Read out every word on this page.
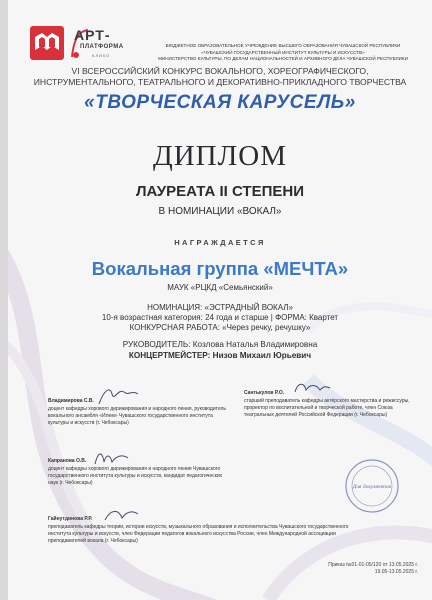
АРТ-
ПЛАТФОРМА
КЛИКО
БЮДЖЕТНОЕ ОБРАЗОВАТЕЛЬНОЕ УЧРЕЖДЕНИЕ ВЫСШЕГО ОБРАЗОВАНИЯ ЧУВАШСКОЙ РЕСПУБЛИКИ
«ЧУВАШСКИЙ ГОСУДАРСТВЕННЫЙ ИНСТИТУТ КУЛЬТУРЫ И ИСКУССТВ»
МИНИСТЕРСТВО КУЛЬТУРЫ, ПО ДЕЛАМ НАЦИОНАЛЬНОСТЕЙ И АРХИВНОГО ДЕЛА ЧУВАШСКОЙ РЕСПУБЛИКИ
VI ВСЕРОССИЙСКИЙ КОНКУРС ВОКАЛЬНОГО, ХОРЕОГРАФИЧЕСКОГО,
ИНСТРУМЕНТАЛЬНОГО, ТЕАТРАЛЬНОГО И ДЕКОРАТИВНО-ПРИКЛАДНОГО ТВОРЧЕСТВА
«ТВОРЧЕСКАЯ КАРУСЕЛЬ»
ДИПЛОМ
ЛАУРЕАТА II СТЕПЕНИ
В НОМИНАЦИИ «ВОКАЛ»
НАГРАЖДАЕТСЯ
Вокальная группа «МЕЧТА»
МАУК «РЦКД «Семьянский»
НОМИНАЦИЯ: «ЭСТРАДНЫЙ ВОКАЛ»
10-я возрастная категория: 24 года и старше | ФОРМА: Квартет
КОНКУРСНАЯ РАБОТА: «Через речку, речушку»
РУКОВОДИТЕЛЬ: Козлова Наталья Владимировна
КОНЦЕРТМЕЙСТЕР: Низов Михаил Юрьевич
Владимирова С.В.
доцент кафедры хорового дирижирования и народного пения, руководитель вокального ансамбля «Илем» Чувашского государственного института культуры и искусств (г. Чебоксары)
Капранова О.В.
доцент кафедры хорового дирижирования и народного пения Чувашского государственного института культуры и искусств, кандидат педагогических наук (г. Чебоксары)
Гайнутдинова Р.Р.
преподаватель кафедры теории, истории искусств, музыкального образования и исполнительства Чувашского государственного института культуры и искусств, член Федерации педагогов вокального искусства России, член Международной ассоциации преподавателей вокала (г. Чебоксары)
Сантькулов Р.О.
старший преподаватель кафедры актёрского мастерства и режиссуры, проректор по воспитательной и творческой работе, член Союза театральных деятелей Российской Федерации (г. Чебоксары)
Для документов
Приказ №01-01-05/120 от 13.05.2025 г.
19.05-13.05.2025 г.
